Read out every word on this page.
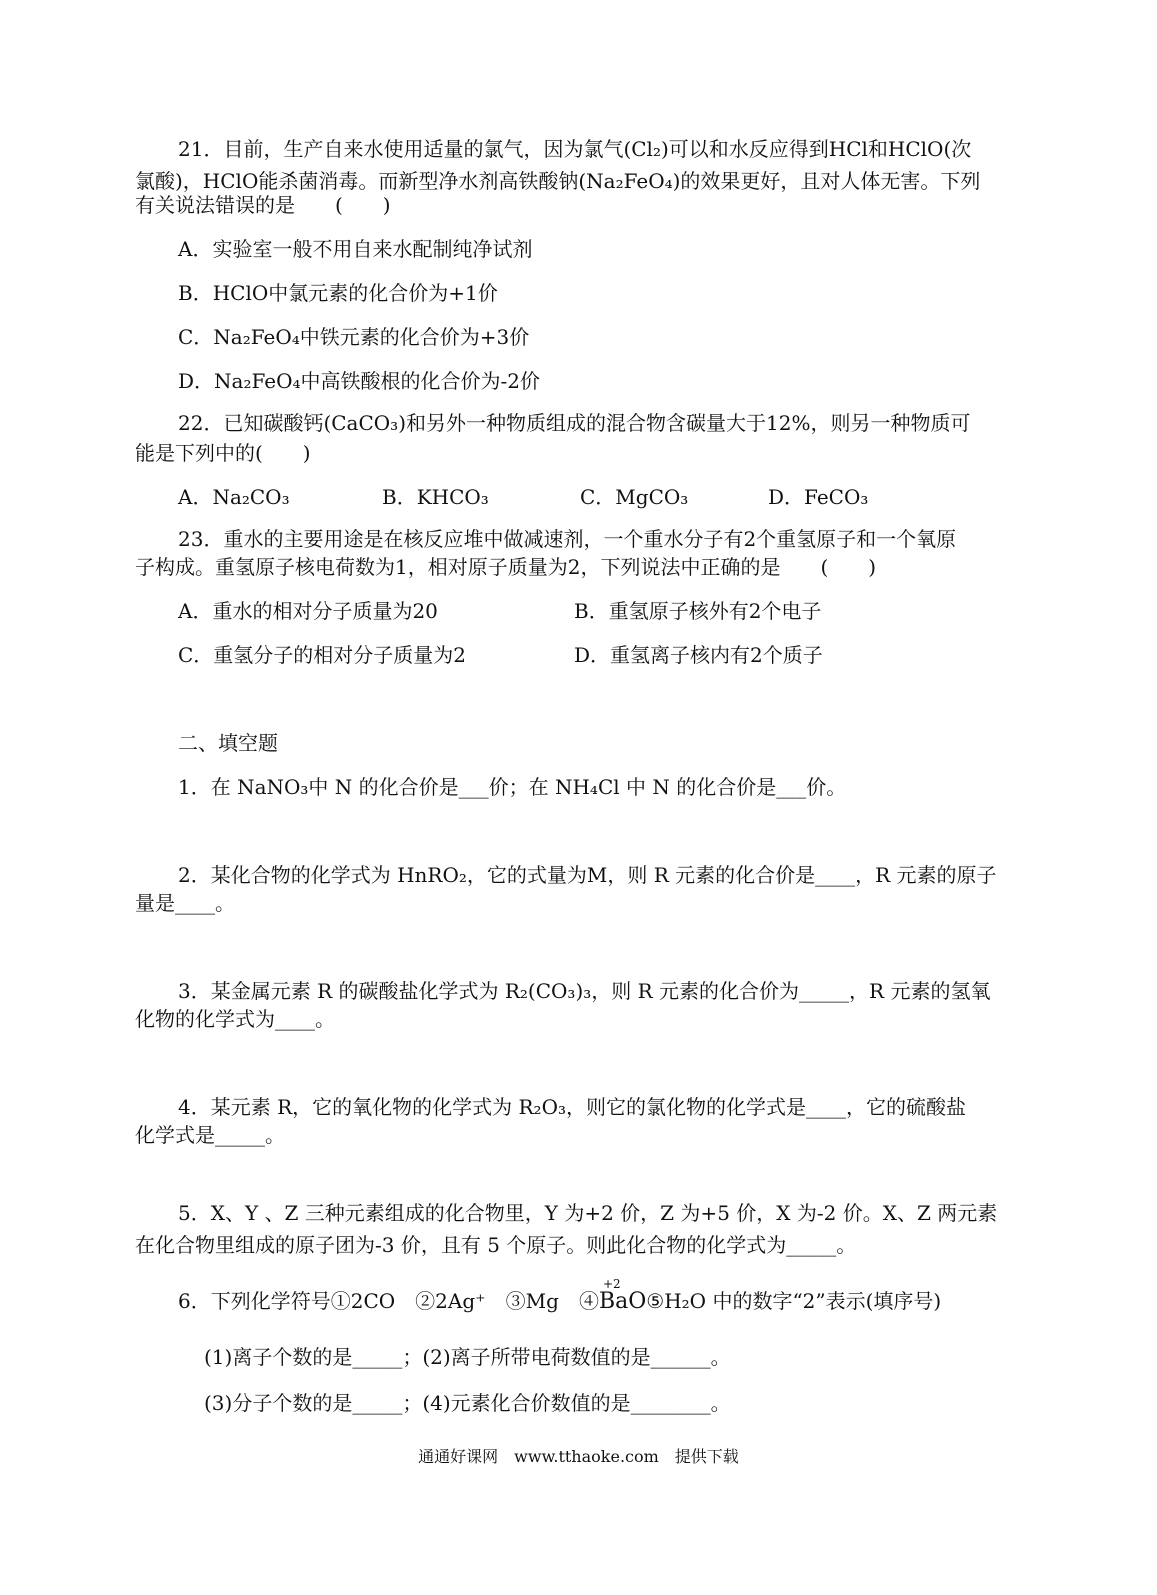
21．目前，生产自来水使用适量的氯气，因为氯气(Cl₂)可以和水反应得到HCl和HClO(次
氯酸)，HClO能杀菌消毒。而新型净水剂高铁酸钠(Na₂FeO₄)的效果更好，且对人体无害。下列
有关说法错误的是　　(　　)
A．实验室一般不用自来水配制纯净试剂
B．HClO中氯元素的化合价为+1价
C．Na₂FeO₄中铁元素的化合价为+3价
D．Na₂FeO₄中高铁酸根的化合价为-2价
22．已知碳酸钙(CaCO₃)和另外一种物质组成的混合物含碳量大于12%，则另一种物质可
能是下列中的(　　)
A．Na₂CO₃	B．KHCO₃	C．MgCO₃	D．FeCO₃
23．重水的主要用途是在核反应堆中做减速剂，一个重水分子有2个重氢原子和一个氧原
子构成。重氢原子核电荷数为1，相对原子质量为2，下列说法中正确的是　　(　　)
A．重水的相对分子质量为20	B．重氢原子核外有2个电子
C．重氢分子的相对分子质量为2	D．重氢离子核内有2个质子
二、填空题
1．在 NaNO₃中 N 的化合价是___价；在 NH₄Cl 中 N 的化合价是___价。
2．某化合物的化学式为 HnRO₂，它的式量为M，则 R 元素的化合价是____，R 元素的原子
量是____。
3．某金属元素 R 的碳酸盐化学式为 R₂(CO₃)₃，则 R 元素的化合价为_____，R 元素的氢氧
化物的化学式为____。
4．某元素 R，它的氧化物的化学式为 R₂O₃，则它的氯化物的化学式是____，它的硫酸盐
化学式是_____。
5．X、Y 、Z 三种元素组成的化合物里，Y 为+2 价，Z 为+5 价，X 为-2 价。X、Z 两元素
在化合物里组成的原子团为-3 价，且有 5 个原子。则此化合物的化学式为_____。
6．下列化学符号①2CO　②2Ag⁺　③Mg　④
+2
BaO⑤H₂O 中的数字“2”表示(填序号)
(1)离子个数的是_____；(2)离子所带电荷数值的是______。
(3)分子个数的是_____；(4)元素化合价数值的是________。
通通好课网　www.tthaoke.com　提供下载
